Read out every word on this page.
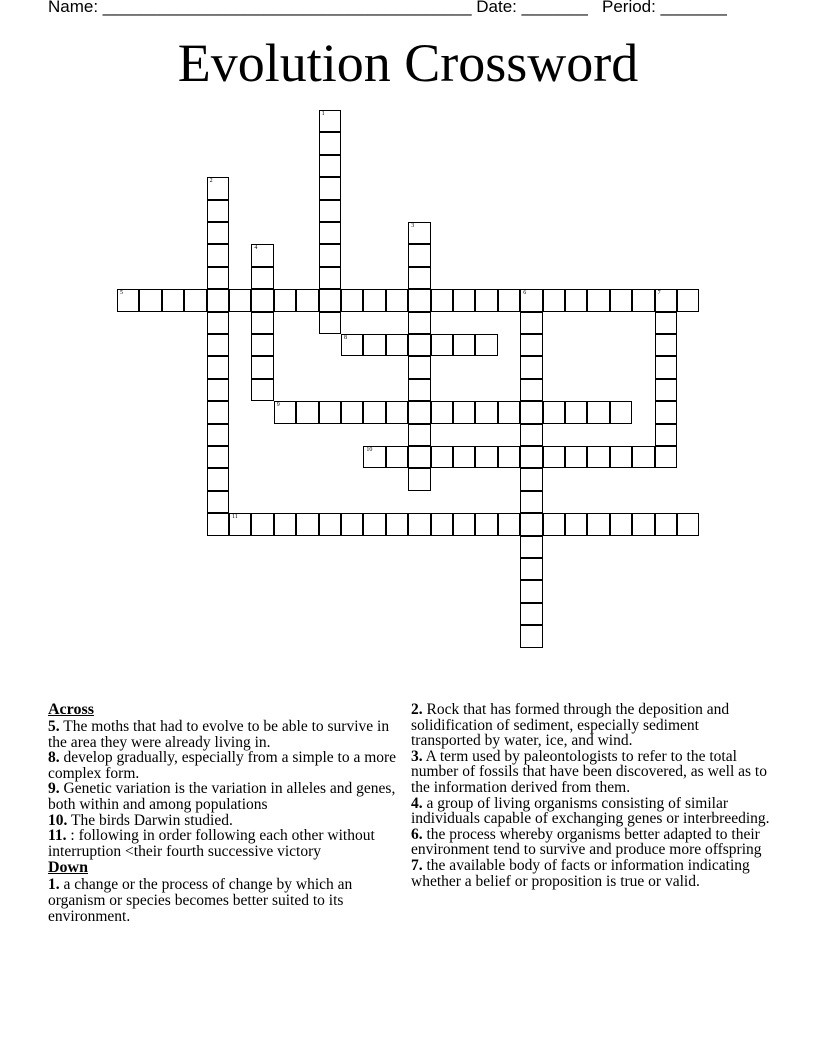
Name: _______________________________________ Date: _______   Period: _______
Evolution Crossword
1
2
3
4
5	6	7
8
9
10
11
Across

5. The moths that had to evolve to be able to survive in the area they were already living in.

8. develop gradually, especially from a simple to a more complex form.

9. Genetic variation is the variation in alleles and genes, both within and among populations

10. The birds Darwin studied.

11. : following in order following each other without interruption <their fourth successive victory

Down

1. a change or the process of change by which an organism or species becomes better suited to its environment.

2. Rock that has formed through the deposition and solidification of sediment, especially sediment transported by water, ice, and wind.

3. A term used by paleontologists to refer to the total number of fossils that have been discovered, as well as to the information derived from them.

4. a group of living organisms consisting of similar individuals capable of exchanging genes or interbreeding.

6. the process whereby organisms better adapted to their environment tend to survive and produce more offspring

7. the available body of facts or information indicating whether a belief or proposition is true or valid.
